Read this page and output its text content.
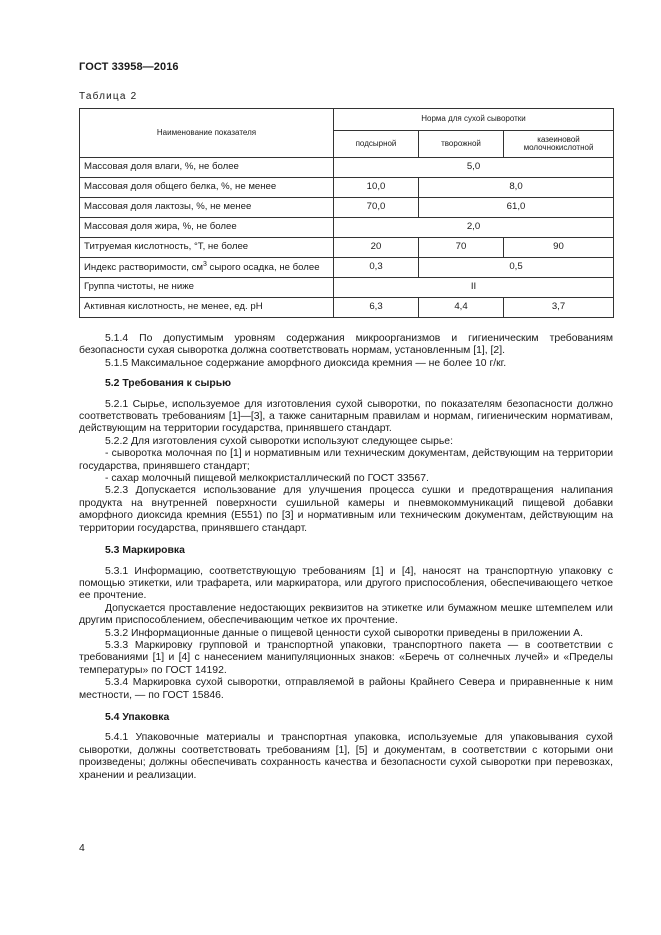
ГОСТ 33958—2016
Таблица 2
Наименование показателя	Норма для сухой сыворотки		
	подсырной	творожной	казеиновой молочнокислотной
Массовая доля влаги, %, не более	5,0		
Массовая доля общего белка, %, не менее	10,0	8,0	
Массовая доля лактозы, %, не менее	70,0	61,0	
Массовая доля жира, %, не более	2,0		
Титруемая кислотность, °Т, не более	20	70	90
Индекс растворимости, $см^3$ сырого осадка, не более	0,3	0,5	
Группа чистоты, не ниже	II		
Активная кислотность, не менее, ед. pH	6,3	4,4	3,7

5.1.4 По допустимым уровням содержания микроорганизмов и гигиеническим требованиям безопасности сухая сыворотка должна соответствовать нормам, установленным [1], [2].

5.1.5 Максимальное содержание аморфного диоксида кремния — не более 10 г/кг.

5.2 Требования к сырью

5.2.1 Сырье, используемое для изготовления сухой сыворотки, по показателям безопасности должно соответствовать требованиям [1]—[3], а также санитарным правилам и нормам, гигиеническим нормативам, действующим на территории государства, принявшего стандарт.

5.2.2 Для изготовления сухой сыворотки используют следующее сырье:

- сыворотка молочная по [1] и нормативным или техническим документам, действующим на территории государства, принявшего стандарт;

- сахар молочный пищевой мелкокристаллический по ГОСТ 33567.

5.2.3 Допускается использование для улучшения процесса сушки и предотвращения налипания продукта на внутренней поверхности сушильной камеры и пневмокоммуникаций пищевой добавки аморфного диоксида кремния (Е551) по [3] и нормативным или техническим документам, действующим на территории государства, принявшего стандарт.

5.3 Маркировка

5.3.1 Информацию, соответствующую требованиям [1] и [4], наносят на транспортную упаковку с помощью этикетки, или трафарета, или маркиратора, или другого приспособления, обеспечивающего четкое ее прочтение.

Допускается проставление недостающих реквизитов на этикетке или бумажном мешке штемпелем или другим приспособлением, обеспечивающим четкое их прочтение.

5.3.2 Информационные данные о пищевой ценности сухой сыворотки приведены в приложении А.

5.3.3 Маркировку групповой и транспортной упаковки, транспортного пакета — в соответствии с требованиями [1] и [4] с нанесением манипуляционных знаков: «Беречь от солнечных лучей» и «Пределы температуры» по ГОСТ 14192.

5.3.4 Маркировка сухой сыворотки, отправляемой в районы Крайнего Севера и приравненные к ним местности, — по ГОСТ 15846.

5.4 Упаковка

5.4.1 Упаковочные материалы и транспортная упаковка, используемые для упаковывания сухой сыворотки, должны соответствовать требованиям [1], [5] и документам, в соответствии с которыми они произведены; должны обеспечивать сохранность качества и безопасности сухой сыворотки при перевозках, хранении и реализации.

4
